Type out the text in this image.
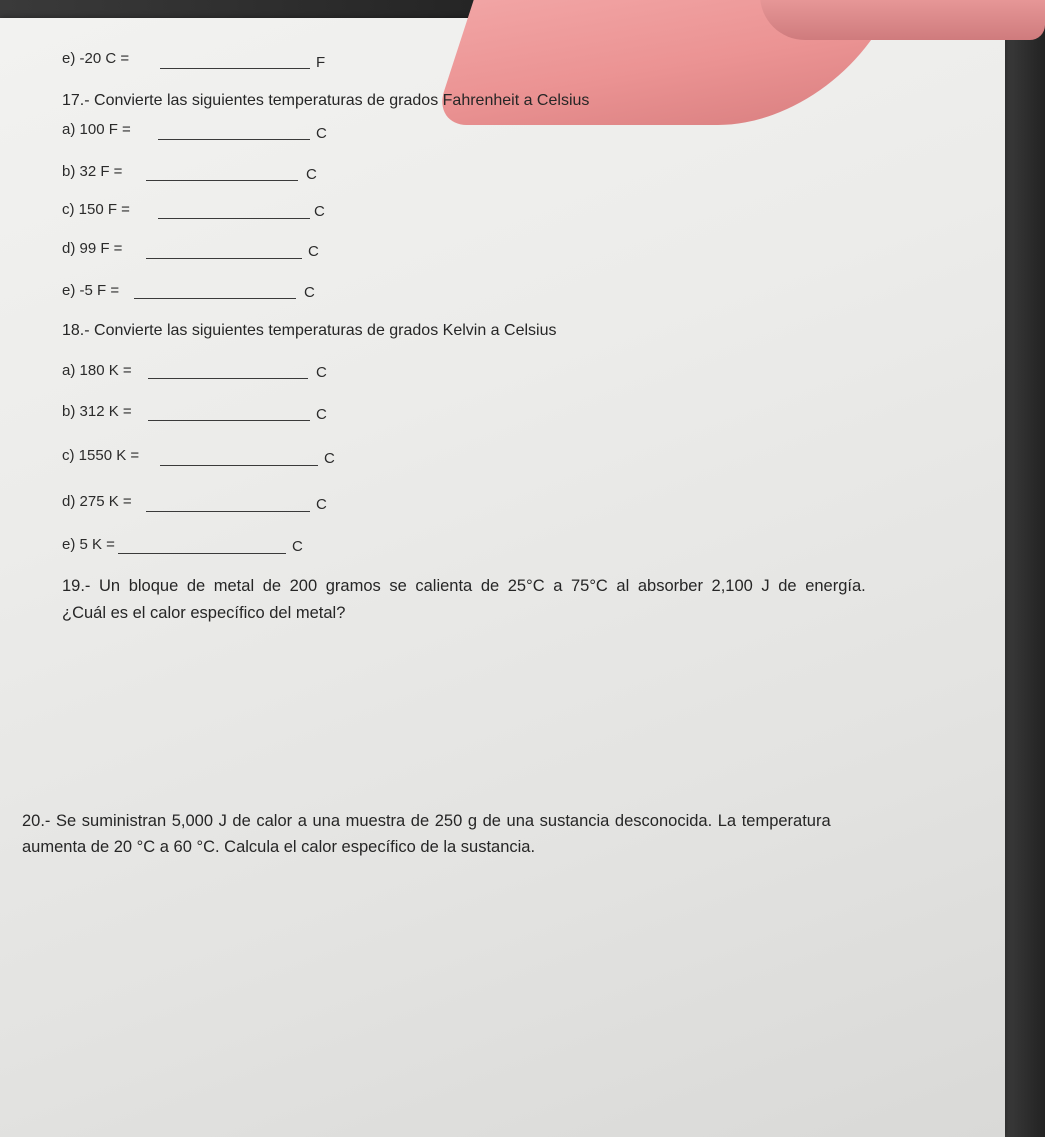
e) -20 C =	F
17.- Convierte las siguientes temperaturas de grados Fahrenheit a Celsius
a) 100 F =	C
b) 32 F =	C
c) 150 F =	C
d) 99 F =	C
e) -5 F =	C
18.- Convierte las siguientes temperaturas de grados Kelvin a Celsius
a) 180 K =	C
b) 312 K =	C
c) 1550 K =	C
d) 275 K =	C
e) 5 K =	C
19.- Un bloque de metal de 200 gramos se calienta de 25°C a 75°C al absorber 2,100 J de energía.
¿Cuál es el calor específico del metal?
20.- Se suministran 5,000 J de calor a una muestra de 250 g de una sustancia desconocida. La temperatura
aumenta de 20 °C a 60 °C. Calcula el calor específico de la sustancia.
